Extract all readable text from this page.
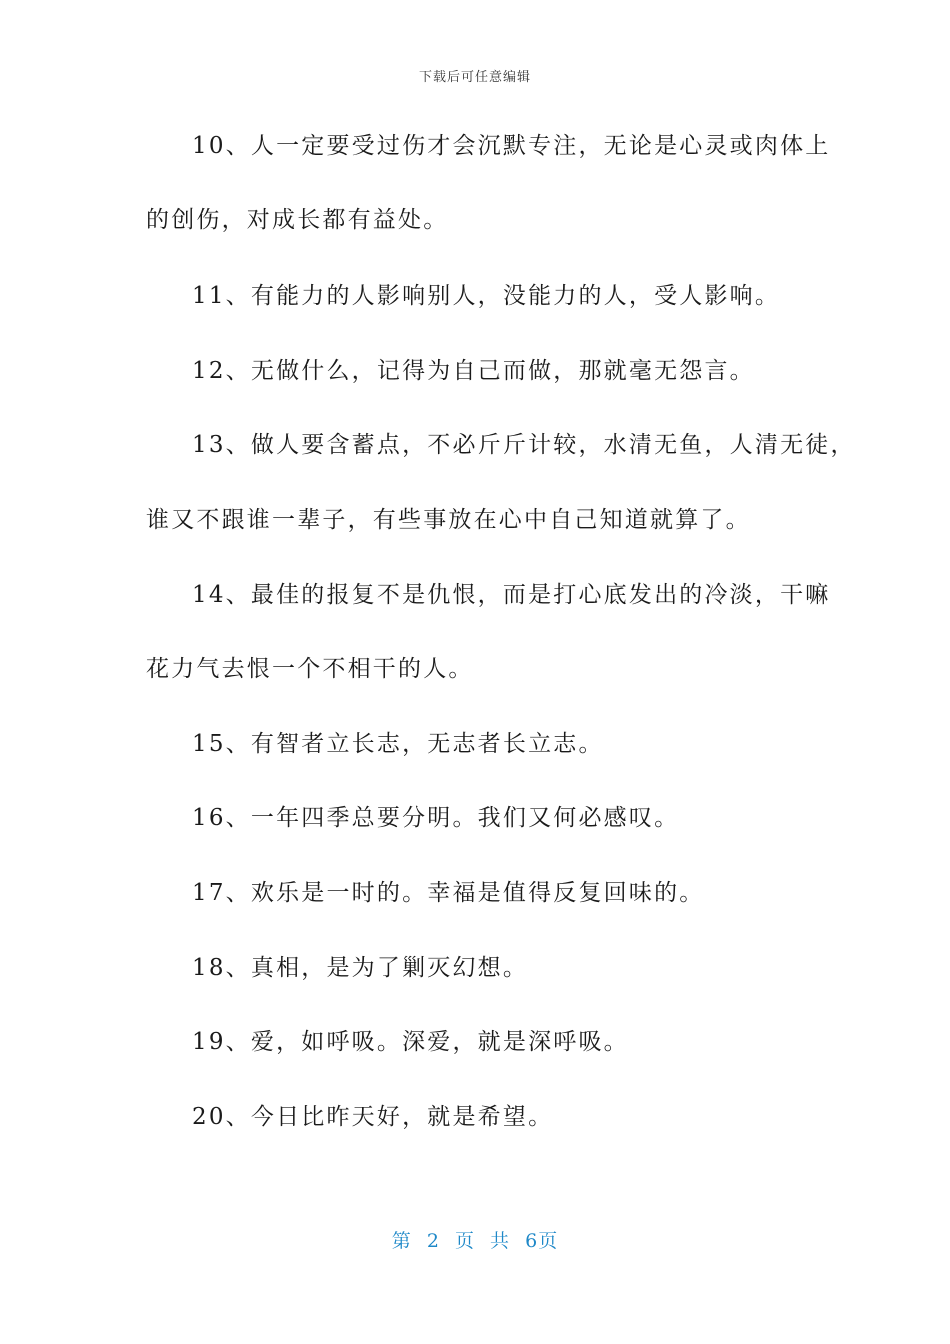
下载后可任意编辑
10、人一定要受过伤才会沉默专注，无论是心灵或肉体上
的创伤，对成长都有益处。
11、有能力的人影响别人，没能力的人，受人影响。
12、无做什么，记得为自己而做，那就毫无怨言。
13、做人要含蓄点，不必斤斤计较，水清无鱼，人清无徒，
谁又不跟谁一辈子，有些事放在心中自己知道就算了。
14、最佳的报复不是仇恨，而是打心底发出的冷淡，干嘛
花力气去恨一个不相干的人。
15、有智者立长志，无志者长立志。
16、一年四季总要分明。我们又何必感叹。
17、欢乐是一时的。幸福是值得反复回味的。
18、真相，是为了剿灭幻想。
19、爱，如呼吸。深爱，就是深呼吸。
20、今日比昨天好，就是希望。
第 2 页 共 6页
